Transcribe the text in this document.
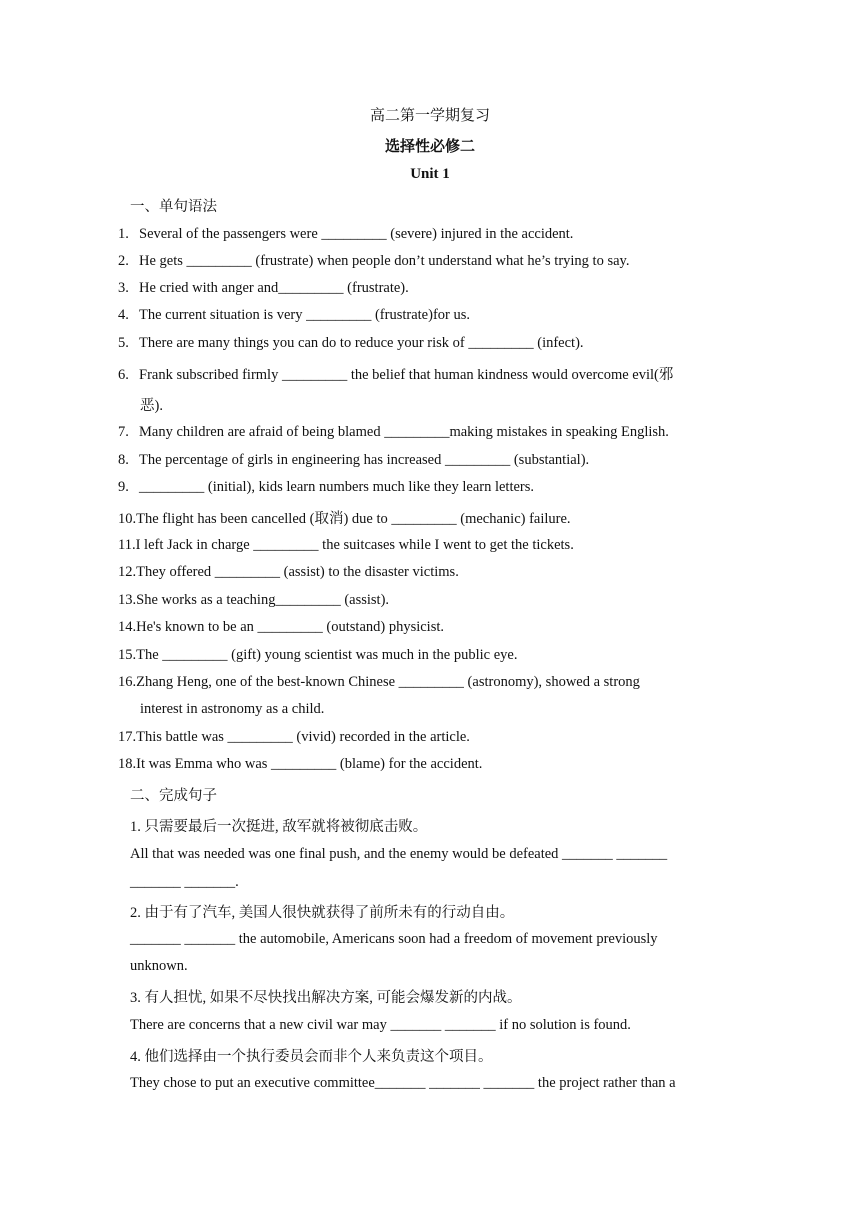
高二第一学期复习
选择性必修二
Unit 1
一、单句语法
1. Several of the passengers were _________ (severe) injured in the accident.
2. He gets _________ (frustrate) when people don’t understand what he’s trying to say.
3. He cried with anger and_________ (frustrate).
4. The current situation is very _________ (frustrate)for us.
5. There are many things you can do to reduce your risk of _________ (infect).
6. Frank subscribed firmly _________ the belief that human kindness would overcome evil(邪
恶).
7. Many children are afraid of being blamed _________making mistakes in speaking English.
8. The percentage of girls in engineering has increased _________ (substantial).
9. _________ (initial), kids learn numbers much like they learn letters.
10.The flight has been cancelled (取消) due to _________ (mechanic) failure.
11.I left Jack in charge _________ the suitcases while I went to get the tickets.
12.They offered _________ (assist) to the disaster victims.
13.She works as a teaching_________ (assist).
14.He's known to be an _________ (outstand) physicist.
15.The _________ (gift) young scientist was much in the public eye.
16.Zhang Heng, one of the best-known Chinese _________ (astronomy), showed a strong
interest in astronomy as a child.
17.This battle was _________ (vivid) recorded in the article.
18.It was Emma who was _________ (blame) for the accident.
二、完成句子
1. 只需要最后一次挺进, 敌军就将被彻底击败。
All that was needed was one final push, and the enemy would be defeated _______ _______
_______ _______.
2. 由于有了汽车, 美国人很快就获得了前所未有的行动自由。
_______ _______ the automobile, Americans soon had a freedom of movement previously
unknown.
3. 有人担忧, 如果不尽快找出解决方案, 可能会爆发新的内战。
There are concerns that a new civil war may _______ _______ if no solution is found.
4. 他们选择由一个执行委员会而非个人来负责这个项目。
They chose to put an executive committee_______ _______ _______ the project rather than a
